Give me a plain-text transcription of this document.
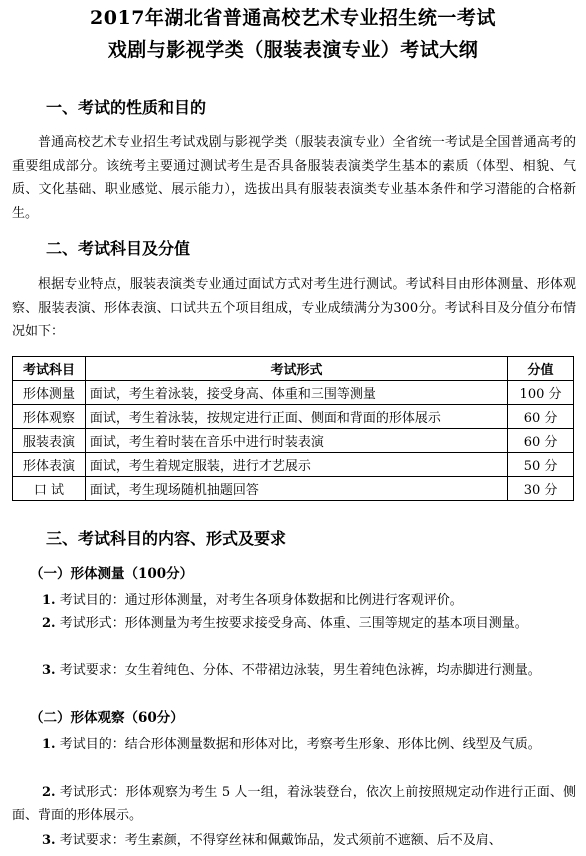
2017年湖北省普通高校艺术专业招生统一考试

戏剧与影视学类（服装表演专业）考试大纲

一、考试的性质和目的

普通高校艺术专业招生考试戏剧与影视学类（服装表演专业）全省统一考试是全国普通高考的重要组成部分。该统考主要通过测试考生是否具备服装表演类学生基本的素质（体型、相貌、气质、文化基础、职业感觉、展示能力），选拔出具有服装表演类专业基本条件和学习潜能的合格新生。

二、考试科目及分值

根据专业特点，服装表演类专业通过面试方式对考生进行测试。考试科目由形体测量、形体观察、服装表演、形体表演、口试共五个项目组成，专业成绩满分为300分。考试科目及分值分布情况如下：

考试科目	考试形式	分值
形体测量	面试，考生着泳装，接受身高、体重和三围等测量	100 分
形体观察	面试，考生着泳装，按规定进行正面、侧面和背面的形体展示	60 分
服装表演	面试，考生着时装在音乐中进行时装表演	60 分
形体表演	面试，考生着规定服装，进行才艺展示	50 分
口 试	面试，考生现场随机抽题回答	30 分
三、考试科目的内容、形式及要求

（一）形体测量（100分）

1. 考试目的：通过形体测量，对考生各项身体数据和比例进行客观评价。

2. 考试形式：形体测量为考生按要求接受身高、体重、三围等规定的基本项目测量。

3. 考试要求：女生着纯色、分体、不带裙边泳装，男生着纯色泳裤，均赤脚进行测量。

（二）形体观察（60分）

1. 考试目的：结合形体测量数据和形体对比，考察考生形象、形体比例、线型及气质。

2. 考试形式：形体观察为考生 5 人一组，着泳装登台，依次上前按照规定动作进行正面、侧面、背面的形体展示。

3. 考试要求：考生素颜，不得穿丝袜和佩戴饰品，发式须前不遮额、后不及肩、
